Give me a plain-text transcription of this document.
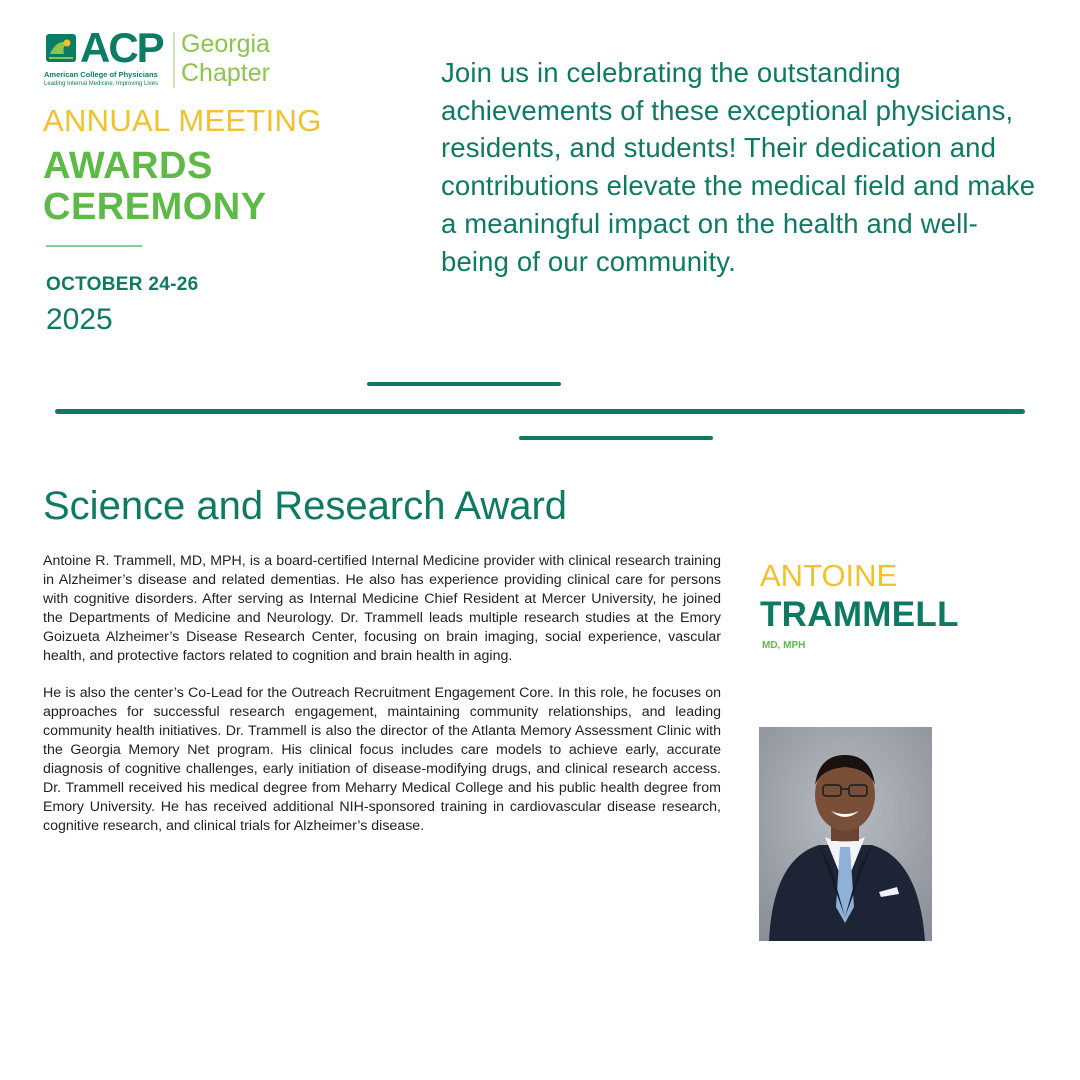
ACP Georgia
Chapter
American College of Physicians
Leading Internal Medicine, Improving Lives
ANNUAL MEETING
AWARDS
CEREMONY
OCTOBER 24-26
2025
Join us in celebrating the outstanding achievements of these exceptional physicians, residents, and students! Their dedication and contributions elevate the medical field and make a meaningful impact on the health and well-being of our community.
Science and Research Award

Antoine R. Trammell, MD, MPH, is a board-certified Internal Medicine provider with clinical research training in Alzheimer’s disease and related dementias. He also has experience providing clinical care for persons with cognitive disorders. After serving as Internal Medicine Chief Resident at Mercer University, he joined the Departments of Medicine and Neurology. Dr. Trammell leads multiple research studies at the Emory Goizueta Alzheimer’s Disease Research Center, focusing on brain imaging, social experience, vascular health, and protective factors related to cognition and brain health in aging.

He is also the center’s Co-Lead for the Outreach Recruitment Engagement Core. In this role, he focuses on approaches for successful research engagement, maintaining community relationships, and leading community health initiatives. Dr. Trammell is also the director of the Atlanta Memory Assessment Clinic with the Georgia Memory Net program. His clinical focus includes care models to achieve early, accurate diagnosis of cognitive challenges, early initiation of disease-modifying drugs, and clinical research access. Dr. Trammell received his medical degree from Meharry Medical College and his public health degree from Emory University. He has received additional NIH-sponsored training in cardiovascular disease research, cognitive research, and clinical trials for Alzheimer’s disease.

ANTOINE
TRAMMELL
MD, MPH
